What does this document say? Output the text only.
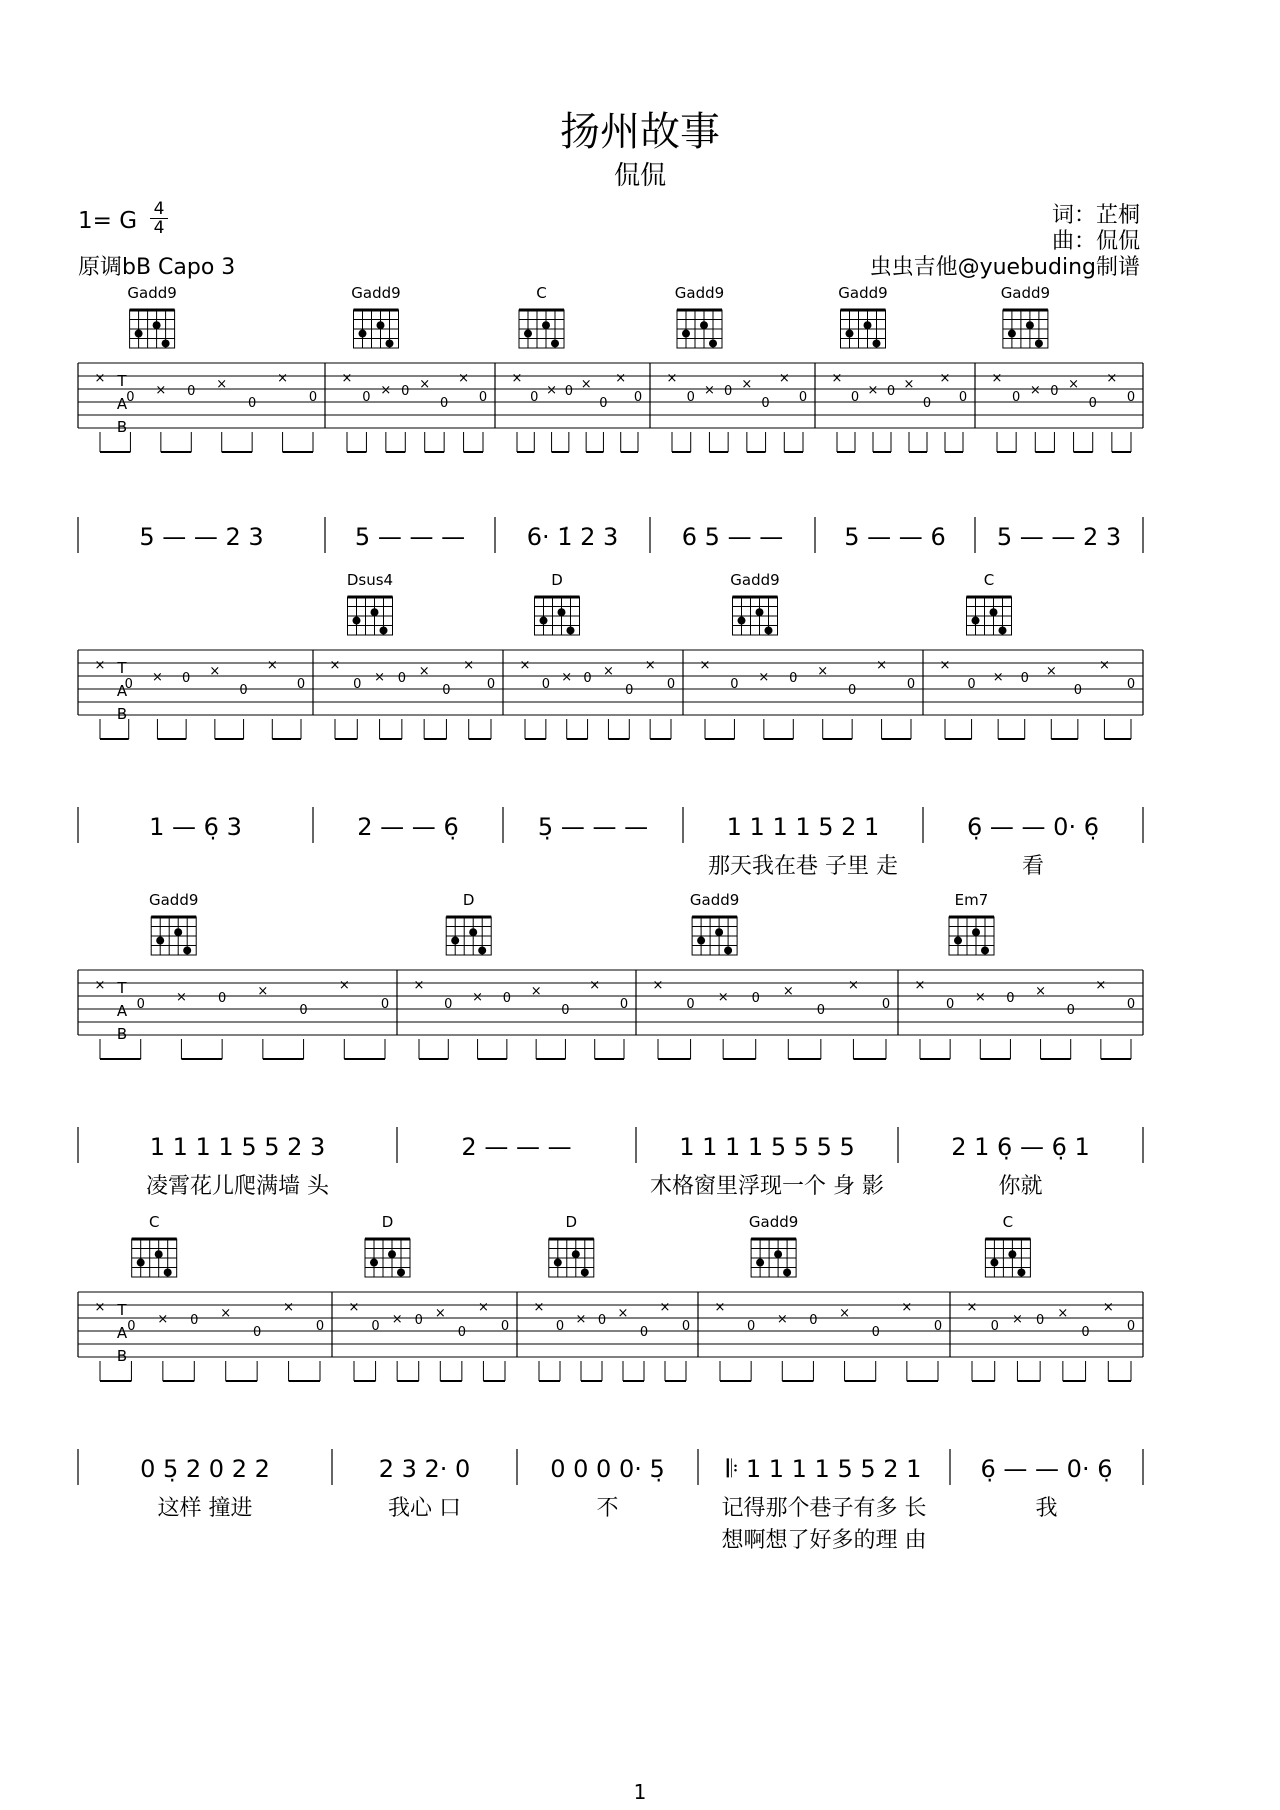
扬州故事
侃侃
1= G 4
4
原调bB Capo 3
词：芷桐
曲：侃侃
虫虫吉他@yuebuding制谱
T
A
B
Gadd9
×
0 × 0 ×
0
×
0
5 — — 2 3
Gadd9
×
0 × 0 ×
0
×
0
5 — — —
C
×
0 × 0 ×
0
×
0
6· 1̇ 2 3
Gadd9
×
0 × 0 ×
0
×
0
6 5 — —
Gadd9
×
0 × 0 ×
0
×
0
5 — — 6
Gadd9
×
0 × 0 ×
0
×
0
5 — — 2 3
T
A
B
×
0 × 0 ×
0
×
0
1 — 6̣ 3
Dsus4
×
0 × 0 ×
0
×
0
2 — — 6̣
D
×
0 × 0 ×
0
×
0
5̣ — — —
Gadd9
×
0 × 0 ×
0
×
0
1 1 1 1 5 2 1
那天我在巷 子里 走
C
×
0 × 0 ×
0
×
0
6̣ — — 0· 6̣
看
T
A
B
Gadd9
×
0 × 0 ×
0
×
0
1 1 1 1 5 5 2 3
凌霄花儿爬满墙 头
D
×
0 × 0 ×
0
×
0
2 — — —
Gadd9
×
0 × 0 ×
0
×
0
1 1 1 1 5 5 5 5
木格窗里浮现一个 身 影
Em7
×
0 × 0 ×
0
×
0
2 1 6̣ — 6̣ 1
你就
T
A
B
C
×
0 × 0 ×
0
×
0
0 5̣ 2 0 2 2
这样 撞进
D
×
0 × 0 ×
0
×
0
2 3 2· 0
我心 口
D
×
0 × 0 ×
0
×
0
0 0 0 0· 5̣
不
Gadd9
×
0 × 0 ×
0
×
0
𝄆 1 1 1 1 5 5 2 1
记得那个巷子有多 长
想啊想了好多的理 由
C
×
0 × 0 ×
0
×
0
6̣ — — 0· 6̣
我
1
